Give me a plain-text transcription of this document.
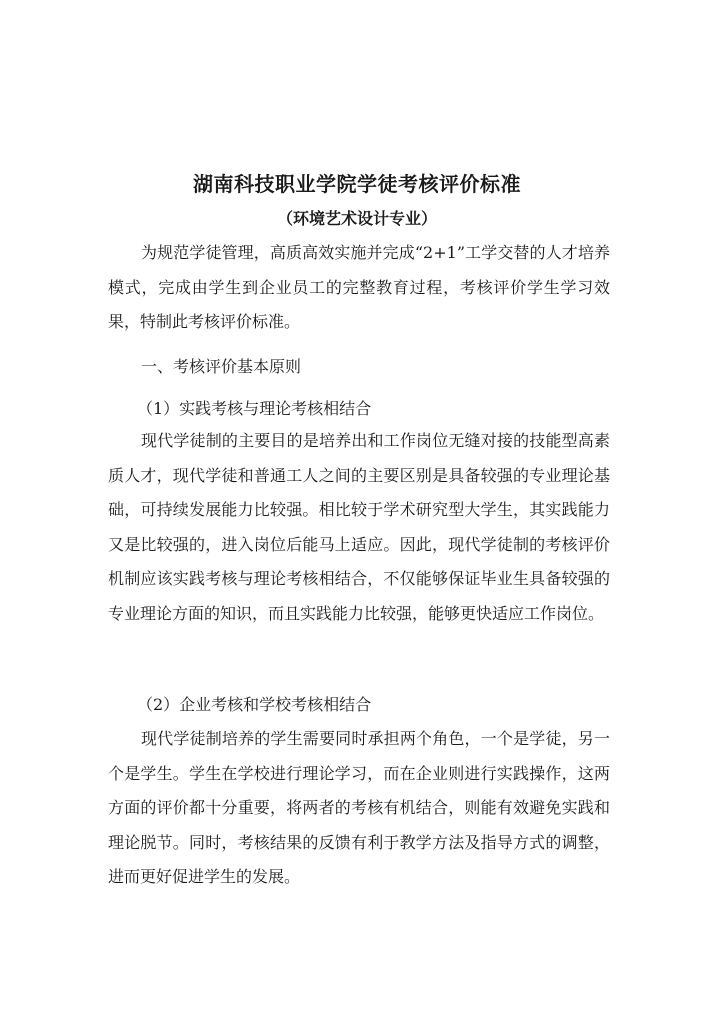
湖南科技职业学院学徒考核评价标准
（环境艺术设计专业）

为规范学徒管理，高质高效实施并完成“2+1”工学交替的人才培养模式，完成由学生到企业员工的完整教育过程，考核评价学生学习效果，特制此考核评价标准。

一、考核评价基本原则

（1）实践考核与理论考核相结合

现代学徒制的主要目的是培养出和工作岗位无缝对接的技能型高素质人才，现代学徒和普通工人之间的主要区别是具备较强的专业理论基础，可持续发展能力比较强。相比较于学术研究型大学生，其实践能力又是比较强的，进入岗位后能马上适应。因此，现代学徒制的考核评价机制应该实践考核与理论考核相结合，不仅能够保证毕业生具备较强的专业理论方面的知识，而且实践能力比较强，能够更快适应工作岗位。

（2）企业考核和学校考核相结合

现代学徒制培养的学生需要同时承担两个角色，一个是学徒，另一个是学生。学生在学校进行理论学习，而在企业则进行实践操作，这两方面的评价都十分重要，将两者的考核有机结合，则能有效避免实践和理论脱节。同时，考核结果的反馈有利于教学方法及指导方式的调整，进而更好促进学生的发展。
